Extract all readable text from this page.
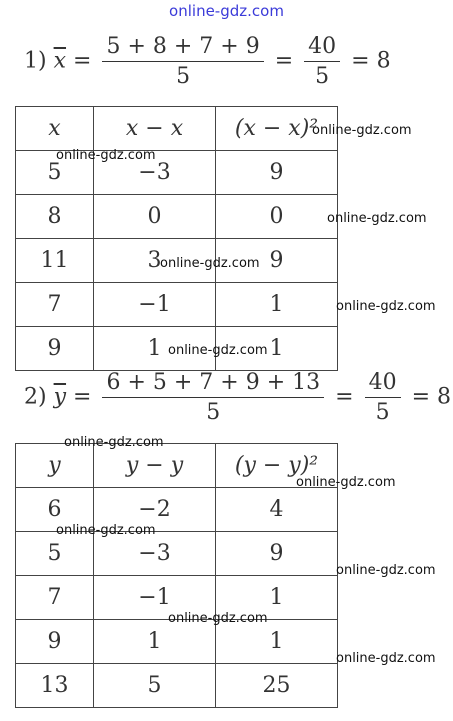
online-gdz.com
1) $\overline{x} = \frac{5 + 8 + 7 + 9}{5} = \frac{40}{5} = 8$
x	x − x	(x − x)²
5	−3	9
8	0	0
11	3	9
7	−1	1
9	1	1
2) $\overline{y} = \frac{6 + 5 + 7 + 9 + 13}{5} = \frac{40}{5} = 8$
y	y − y	(y − y)²
6	−2	4
5	−3	9
7	−1	1
9	1	1
13	5	25
online-gdz.com
online-gdz.com
online-gdz.com
online-gdz.com
online-gdz.com
online-gdz.com
online-gdz.com
online-gdz.com
online-gdz.com
online-gdz.com
online-gdz.com
online-gdz.com
